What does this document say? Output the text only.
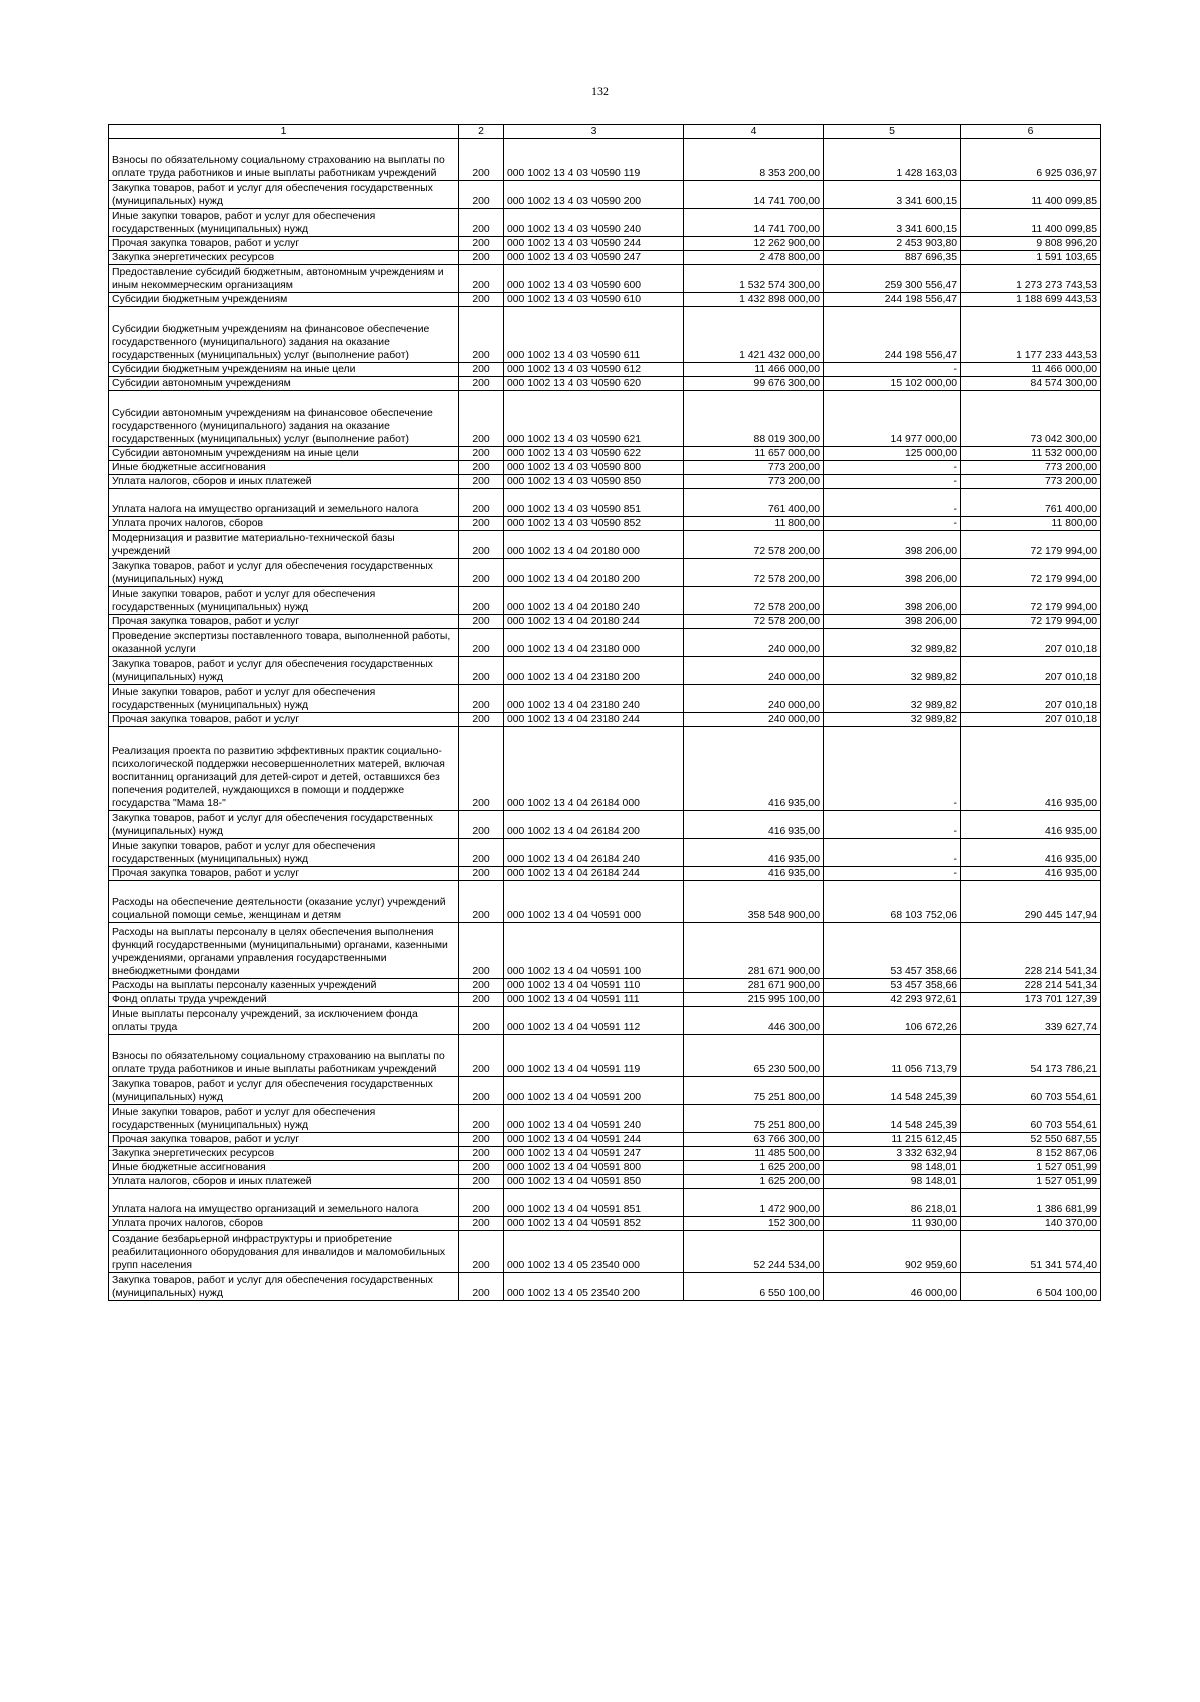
132
1	2	3	4	5	6
Взносы по обязательному социальному страхованию на выплаты по оплате труда работников и иные выплаты работникам учреждений	200	000 1002 13 4 03 Ч0590 119	8 353 200,00	1 428 163,03	6 925 036,97
Закупка товаров, работ и услуг для обеспечения государственных (муниципальных) нужд	200	000 1002 13 4 03 Ч0590 200	14 741 700,00	3 341 600,15	11 400 099,85
Иные закупки товаров, работ и услуг для обеспечения государственных (муниципальных) нужд	200	000 1002 13 4 03 Ч0590 240	14 741 700,00	3 341 600,15	11 400 099,85
Прочая закупка товаров, работ и услуг	200	000 1002 13 4 03 Ч0590 244	12 262 900,00	2 453 903,80	9 808 996,20
Закупка энергетических ресурсов	200	000 1002 13 4 03 Ч0590 247	2 478 800,00	887 696,35	1 591 103,65
Предоставление субсидий бюджетным, автономным учреждениям и иным некоммерческим организациям	200	000 1002 13 4 03 Ч0590 600	1 532 574 300,00	259 300 556,47	1 273 273 743,53
Субсидии бюджетным учреждениям	200	000 1002 13 4 03 Ч0590 610	1 432 898 000,00	244 198 556,47	1 188 699 443,53
Субсидии бюджетным учреждениям на финансовое обеспечение государственного (муниципального) задания на оказание государственных (муниципальных) услуг (выполнение работ)	200	000 1002 13 4 03 Ч0590 611	1 421 432 000,00	244 198 556,47	1 177 233 443,53
Субсидии бюджетным учреждениям на иные цели	200	000 1002 13 4 03 Ч0590 612	11 466 000,00	-	11 466 000,00
Субсидии автономным учреждениям	200	000 1002 13 4 03 Ч0590 620	99 676 300,00	15 102 000,00	84 574 300,00
Субсидии автономным учреждениям на финансовое обеспечение государственного (муниципального) задания на оказание государственных (муниципальных) услуг (выполнение работ)	200	000 1002 13 4 03 Ч0590 621	88 019 300,00	14 977 000,00	73 042 300,00
Субсидии автономным учреждениям на иные цели	200	000 1002 13 4 03 Ч0590 622	11 657 000,00	125 000,00	11 532 000,00
Иные бюджетные ассигнования	200	000 1002 13 4 03 Ч0590 800	773 200,00	-	773 200,00
Уплата налогов, сборов и иных платежей	200	000 1002 13 4 03 Ч0590 850	773 200,00	-	773 200,00
Уплата налога на имущество организаций и земельного налога	200	000 1002 13 4 03 Ч0590 851	761 400,00	-	761 400,00
Уплата прочих налогов, сборов	200	000 1002 13 4 03 Ч0590 852	11 800,00	-	11 800,00
Модернизация и развитие материально-технической базы учреждений	200	000 1002 13 4 04 20180 000	72 578 200,00	398 206,00	72 179 994,00
Закупка товаров, работ и услуг для обеспечения государственных (муниципальных) нужд	200	000 1002 13 4 04 20180 200	72 578 200,00	398 206,00	72 179 994,00
Иные закупки товаров, работ и услуг для обеспечения государственных (муниципальных) нужд	200	000 1002 13 4 04 20180 240	72 578 200,00	398 206,00	72 179 994,00
Прочая закупка товаров, работ и услуг	200	000 1002 13 4 04 20180 244	72 578 200,00	398 206,00	72 179 994,00
Проведение экспертизы поставленного товара, выполненной работы, оказанной услуги	200	000 1002 13 4 04 23180 000	240 000,00	32 989,82	207 010,18
Закупка товаров, работ и услуг для обеспечения государственных (муниципальных) нужд	200	000 1002 13 4 04 23180 200	240 000,00	32 989,82	207 010,18
Иные закупки товаров, работ и услуг для обеспечения государственных (муниципальных) нужд	200	000 1002 13 4 04 23180 240	240 000,00	32 989,82	207 010,18
Прочая закупка товаров, работ и услуг	200	000 1002 13 4 04 23180 244	240 000,00	32 989,82	207 010,18
Реализация проекта по развитию эффективных практик социально-психологической поддержки несовершеннолетних матерей, включая воспитанниц организаций для детей-сирот и детей, оставшихся без попечения родителей, нуждающихся в помощи и поддержке государства "Мама 18-"	200	000 1002 13 4 04 26184 000	416 935,00	-	416 935,00
Закупка товаров, работ и услуг для обеспечения государственных (муниципальных) нужд	200	000 1002 13 4 04 26184 200	416 935,00	-	416 935,00
Иные закупки товаров, работ и услуг для обеспечения государственных (муниципальных) нужд	200	000 1002 13 4 04 26184 240	416 935,00	-	416 935,00
Прочая закупка товаров, работ и услуг	200	000 1002 13 4 04 26184 244	416 935,00	-	416 935,00
Расходы на обеспечение деятельности (оказание услуг) учреждений социальной помощи семье, женщинам и детям	200	000 1002 13 4 04 Ч0591 000	358 548 900,00	68 103 752,06	290 445 147,94
Расходы на выплаты персоналу в целях обеспечения выполнения функций государственными (муниципальными) органами, казенными учреждениями, органами управления государственными внебюджетными фондами	200	000 1002 13 4 04 Ч0591 100	281 671 900,00	53 457 358,66	228 214 541,34
Расходы на выплаты персоналу казенных учреждений	200	000 1002 13 4 04 Ч0591 110	281 671 900,00	53 457 358,66	228 214 541,34
Фонд оплаты труда учреждений	200	000 1002 13 4 04 Ч0591 111	215 995 100,00	42 293 972,61	173 701 127,39
Иные выплаты персоналу учреждений, за исключением фонда оплаты труда	200	000 1002 13 4 04 Ч0591 112	446 300,00	106 672,26	339 627,74
Взносы по обязательному социальному страхованию на выплаты по оплате труда работников и иные выплаты работникам учреждений	200	000 1002 13 4 04 Ч0591 119	65 230 500,00	11 056 713,79	54 173 786,21
Закупка товаров, работ и услуг для обеспечения государственных (муниципальных) нужд	200	000 1002 13 4 04 Ч0591 200	75 251 800,00	14 548 245,39	60 703 554,61
Иные закупки товаров, работ и услуг для обеспечения государственных (муниципальных) нужд	200	000 1002 13 4 04 Ч0591 240	75 251 800,00	14 548 245,39	60 703 554,61
Прочая закупка товаров, работ и услуг	200	000 1002 13 4 04 Ч0591 244	63 766 300,00	11 215 612,45	52 550 687,55
Закупка энергетических ресурсов	200	000 1002 13 4 04 Ч0591 247	11 485 500,00	3 332 632,94	8 152 867,06
Иные бюджетные ассигнования	200	000 1002 13 4 04 Ч0591 800	1 625 200,00	98 148,01	1 527 051,99
Уплата налогов, сборов и иных платежей	200	000 1002 13 4 04 Ч0591 850	1 625 200,00	98 148,01	1 527 051,99
Уплата налога на имущество организаций и земельного налога	200	000 1002 13 4 04 Ч0591 851	1 472 900,00	86 218,01	1 386 681,99
Уплата прочих налогов, сборов	200	000 1002 13 4 04 Ч0591 852	152 300,00	11 930,00	140 370,00
Создание безбарьерной инфраструктуры и приобретение реабилитационного оборудования для инвалидов и маломобильных групп населения	200	000 1002 13 4 05 23540 000	52 244 534,00	902 959,60	51 341 574,40
Закупка товаров, работ и услуг для обеспечения государственных (муниципальных) нужд	200	000 1002 13 4 05 23540 200	6 550 100,00	46 000,00	6 504 100,00
